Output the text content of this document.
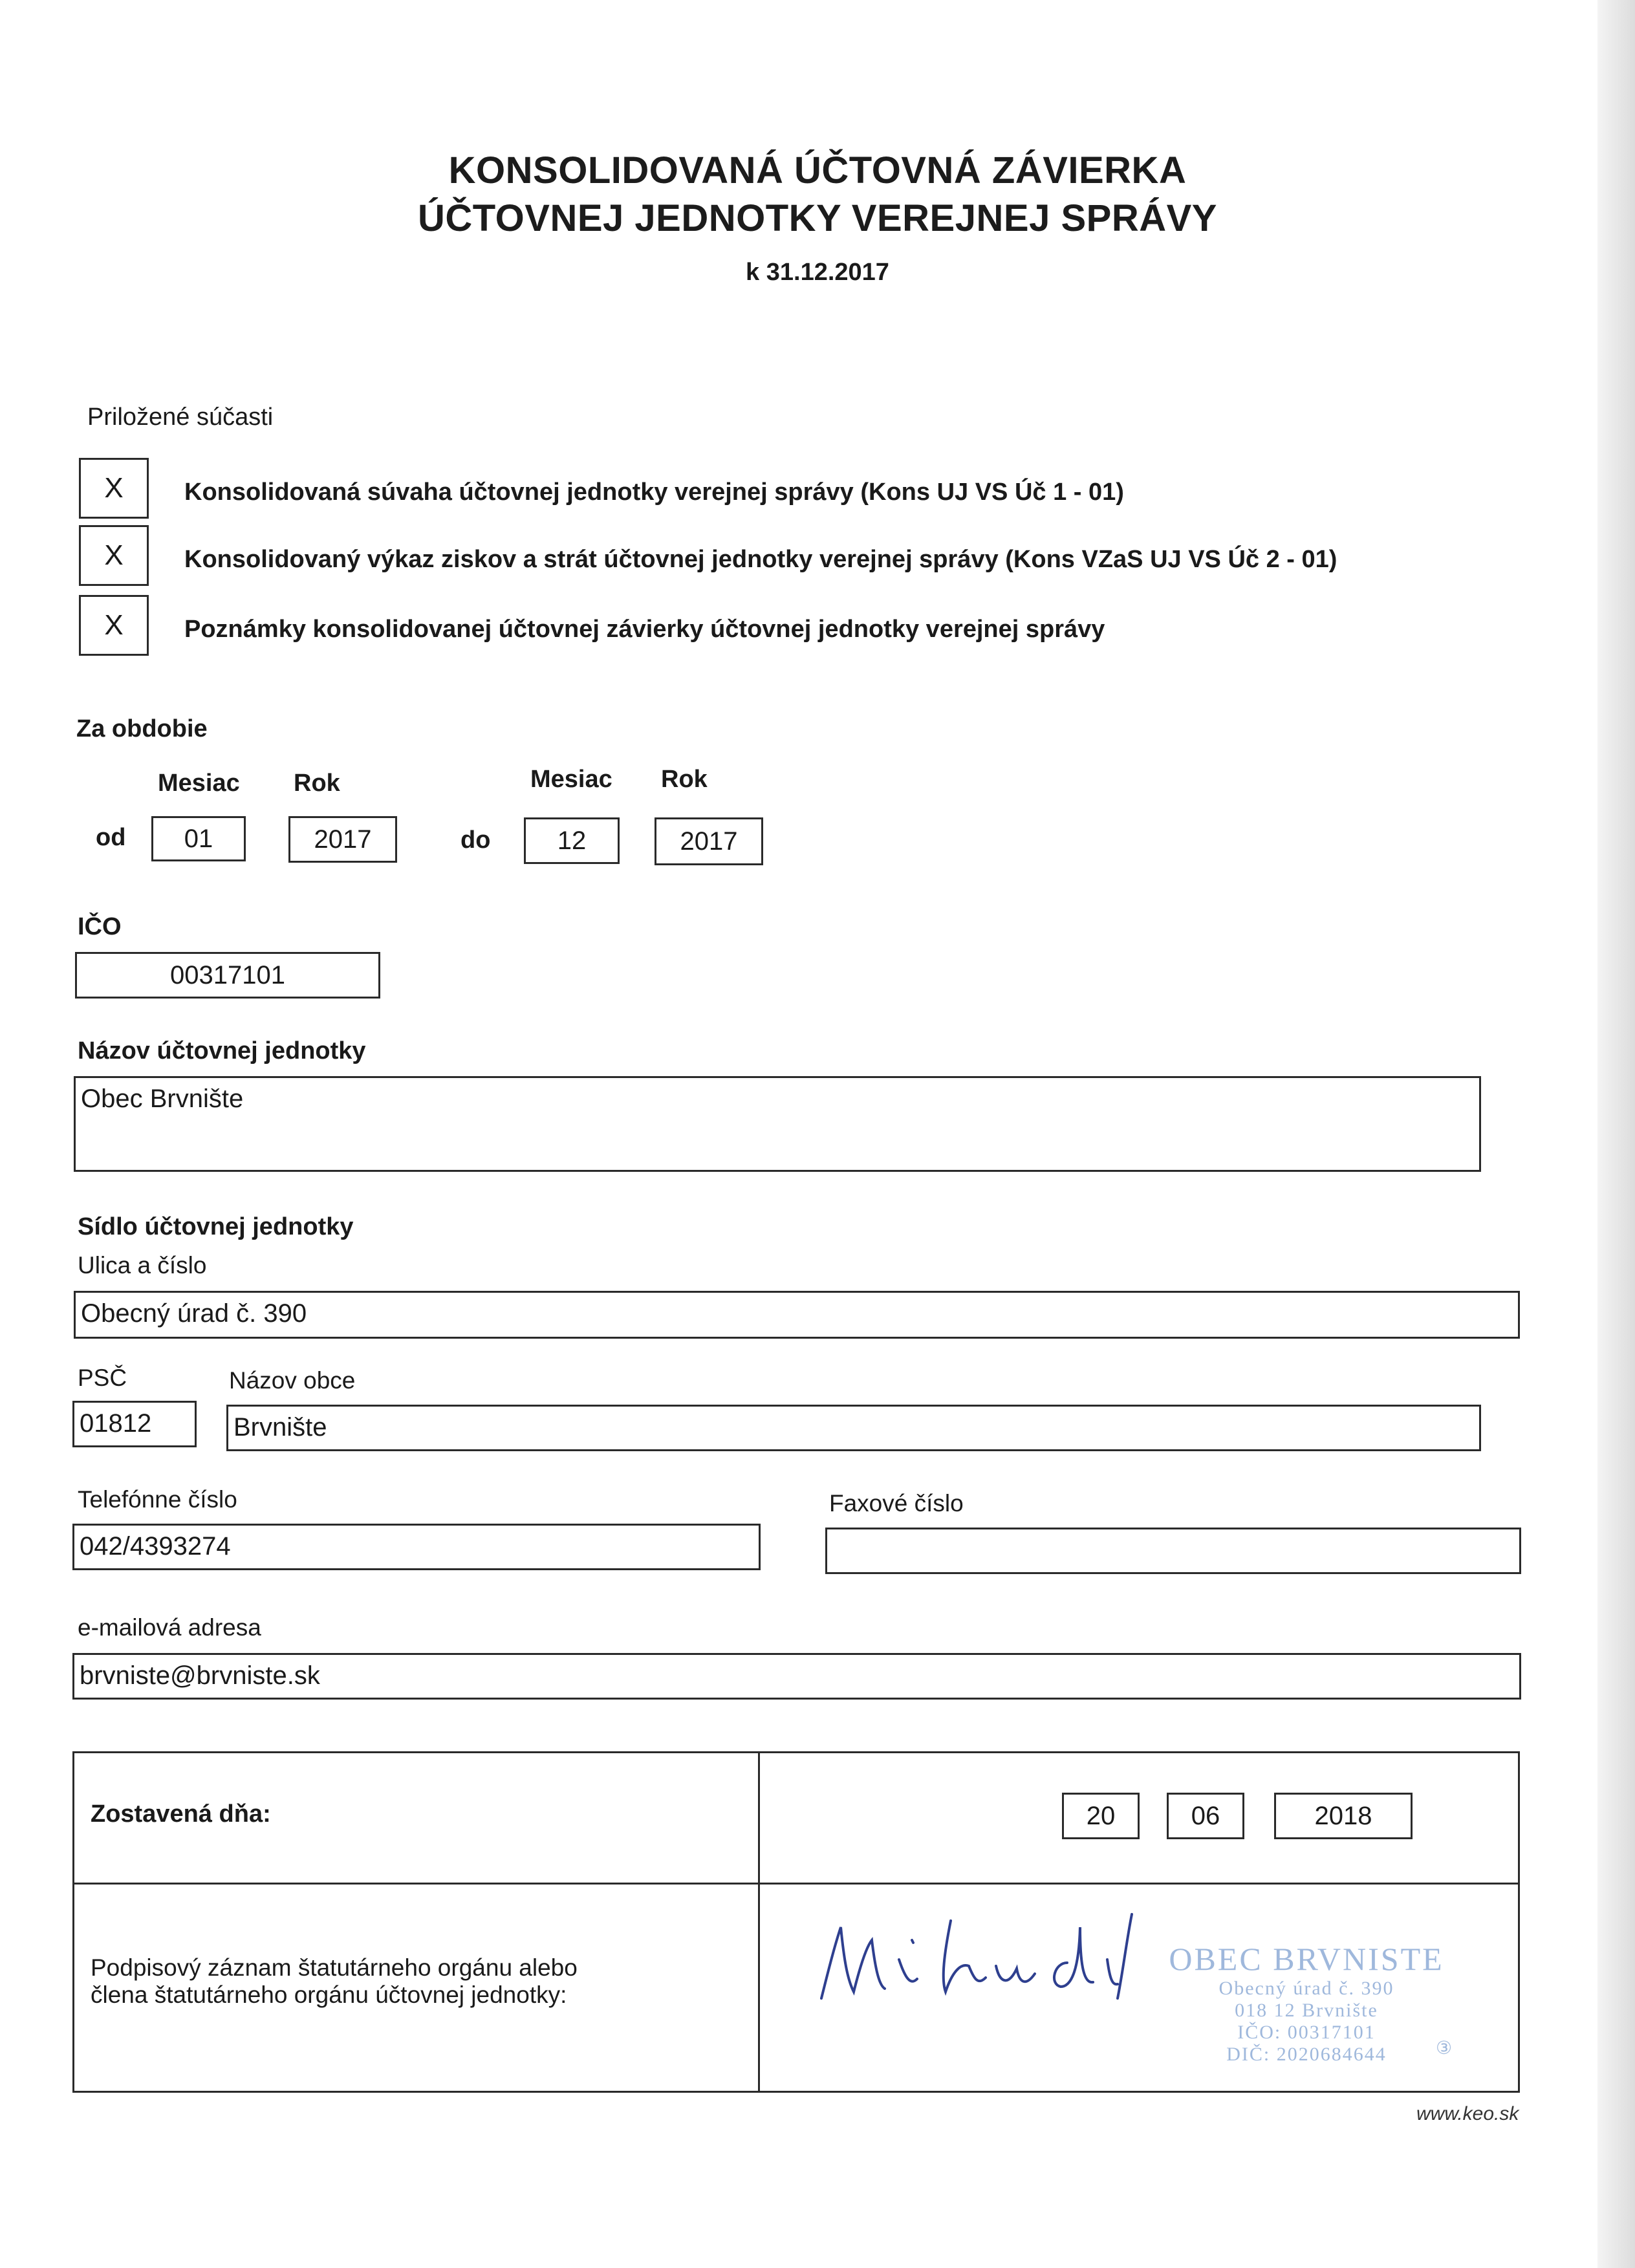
KONSOLIDOVANÁ ÚČTOVNÁ ZÁVIERKA
ÚČTOVNEJ JEDNOTKY VEREJNEJ SPRÁVY
k 31.12.2017
Priložené súčasti
X	Konsolidovaná súvaha účtovnej jednotky verejnej správy (Kons UJ VS Úč 1 - 01)
X	Konsolidovaný výkaz ziskov a strát účtovnej jednotky verejnej správy (Kons VZaS UJ VS Úč 2 - 01)
X	Poznámky konsolidovanej účtovnej závierky účtovnej jednotky verejnej správy
Za obdobie
Mesiac Rok	Mesiac Rok
od	01	2017	do	12	2017
IČO
00317101
Názov účtovnej jednotky
Obec Brvnište
Sídlo účtovnej jednotky
Ulica a číslo
Obecný úrad č. 390
PSČ	Názov obce
01812	Brvnište
Telefónne číslo	Faxové číslo
042/4393274
e-mailová adresa
brvniste@brvniste.sk
Zostavená dňa:	20	06	2018
Podpisový záznam štatutárneho orgánu alebo
člena štatutárneho orgánu účtovnej jednotky:
OBEC BRVNISTE
Obecný úrad č. 390
018 12 Brvnište
IČO: 00317101
DIČ: 2020684644	③
www.keo.sk
